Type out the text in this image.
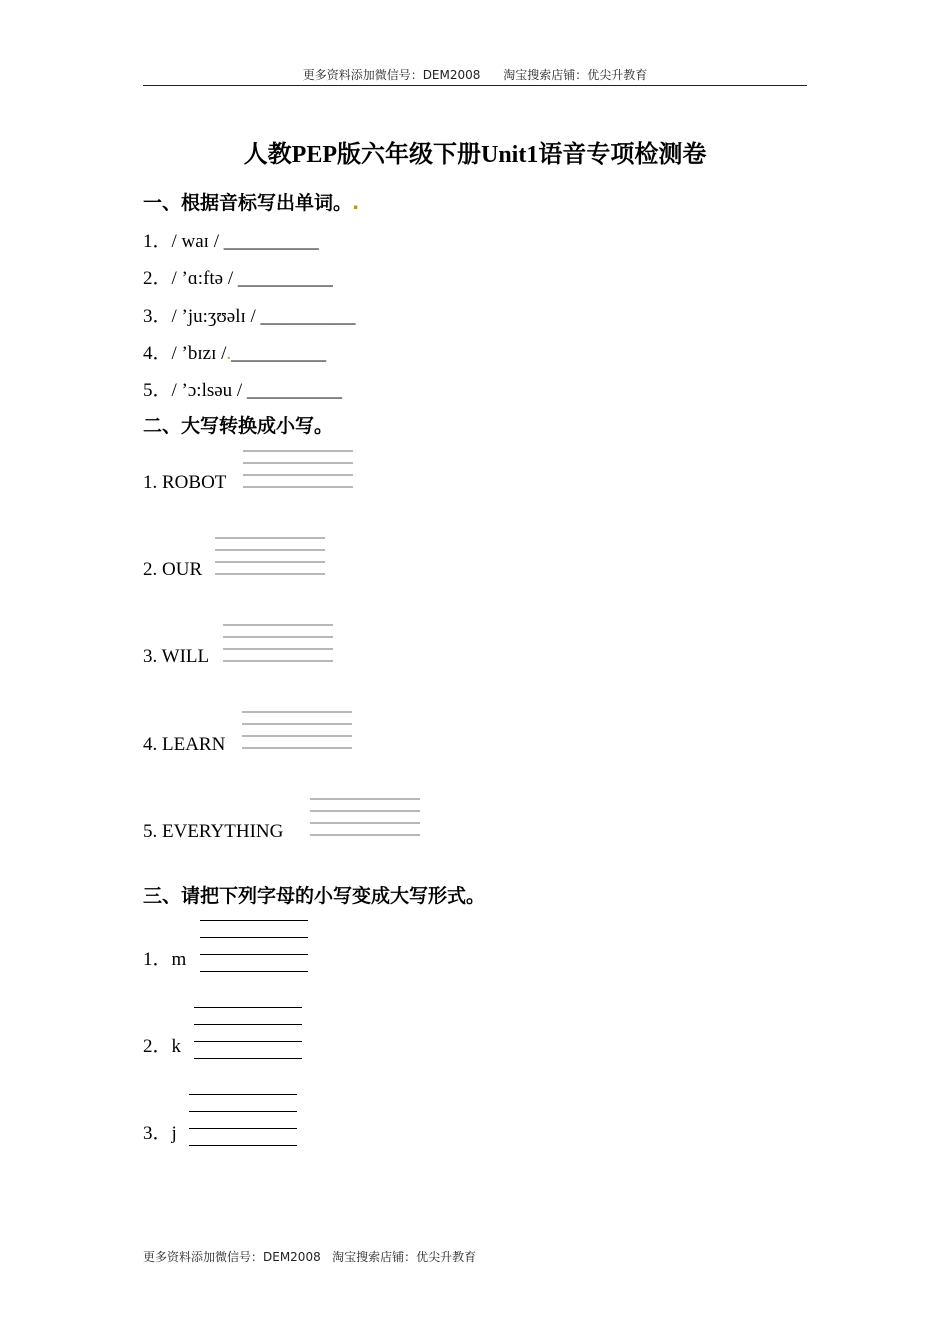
更多资料添加微信号：DEM2008      淘宝搜索店铺：优尖升教育
人教PEP版六年级下册Unit1语音专项检测卷
一、根据音标写出单词。.
1．/ waɪ / __________
2．/ ’ɑ:ftə / __________
3．/ ’ju:ʒʊəlɪ / __________
4．/ ’bɪzɪ /.__________
5．/ ’ɔ:lsəu / __________
二、大写转换成小写。
1. ROBOT
2. OUR
3. WILL
4. LEARN
5. EVERYTHING
三、请把下列字母的小写变成大写形式。
1．m
2．k
3．j
更多资料添加微信号：DEM2008   淘宝搜索店铺：优尖升教育
